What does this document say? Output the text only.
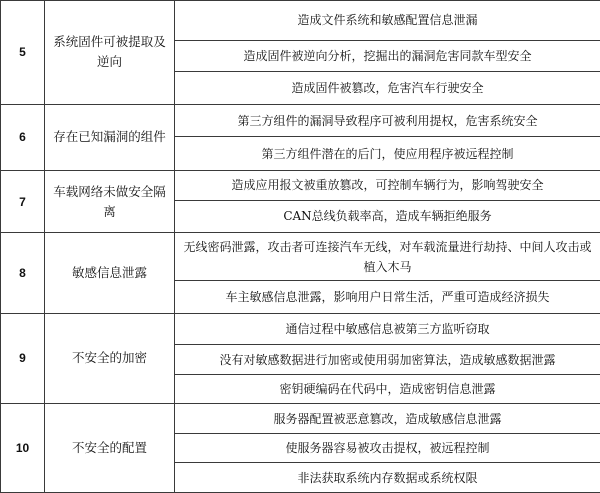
5	系统固件可被提取及逆向	造成文件系统和敏感配置信息泄漏
		造成固件被逆向分析，挖掘出的漏洞危害同款车型安全
		造成固件被篡改，危害汽车行驶安全
6	存在已知漏洞的组件	第三方组件的漏洞导致程序可被利用提权，危害系统安全
		第三方组件潜在的后门，使应用程序被远程控制
7	车载网络未做安全隔离	造成应用报文被重放篡改，可控制车辆行为，影响驾驶安全
		CAN总线负载率高，造成车辆拒绝服务
8	敏感信息泄露	无线密码泄露，攻击者可连接汽车无线，对车载流量进行劫持、中间人攻击或植入木马
		车主敏感信息泄露，影响用户日常生活，严重可造成经济损失
9	不安全的加密	通信过程中敏感信息被第三方监听窃取
		没有对敏感数据进行加密或使用弱加密算法，造成敏感数据泄露
		密钥硬编码在代码中，造成密钥信息泄露
10	不安全的配置	服务器配置被恶意篡改，造成敏感信息泄露
		使服务器容易被攻击提权，被远程控制
		非法获取系统内存数据或系统权限
